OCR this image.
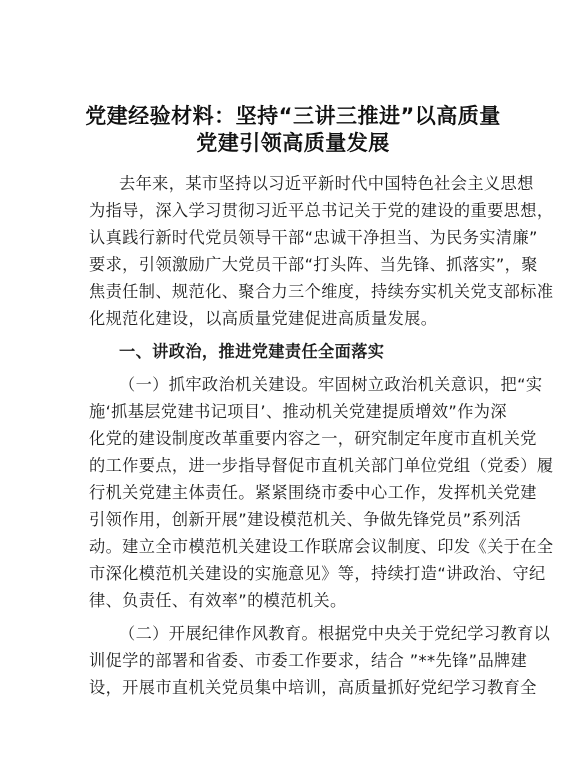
党建经验材料：坚持“三讲三推进”以高质量
党建引领高质量发展
去年来，某市坚持以习近平新时代中国特色社会主义思想
为指导，深入学习贯彻习近平总书记关于党的建设的重要思想，
认真践行新时代党员领导干部“忠诚干净担当、为民务实清廉”
要求，引领激励广大党员干部“打头阵、当先锋、抓落实”，聚
焦责任制、规范化、聚合力三个维度，持续夯实机关党支部标准
化规范化建设，以高质量党建促进高质量发展。
一、讲政治，推进党建责任全面落实
（一）抓牢政治机关建设。牢固树立政治机关意识，把“实
施‘抓基层党建书记项目’、推动机关党建提质增效”作为深
化党的建设制度改革重要内容之一，研究制定年度市直机关党
的工作要点，进一步指导督促市直机关部门单位党组（党委）履
行机关党建主体责任。紧紧围绕市委中心工作，发挥机关党建
引领作用，创新开展”建设模范机关、争做先锋党员”系列活
动。建立全市模范机关建设工作联席会议制度、印发《关于在全
市深化模范机关建设的实施意见》等，持续打造“讲政治、守纪
律、负责任、有效率”的模范机关。
（二）开展纪律作风教育。根据党中央关于党纪学习教育以
训促学的部署和省委、市委工作要求，结合 ”**先锋”品牌建
设，开展市直机关党员集中培训，高质量抓好党纪学习教育全
